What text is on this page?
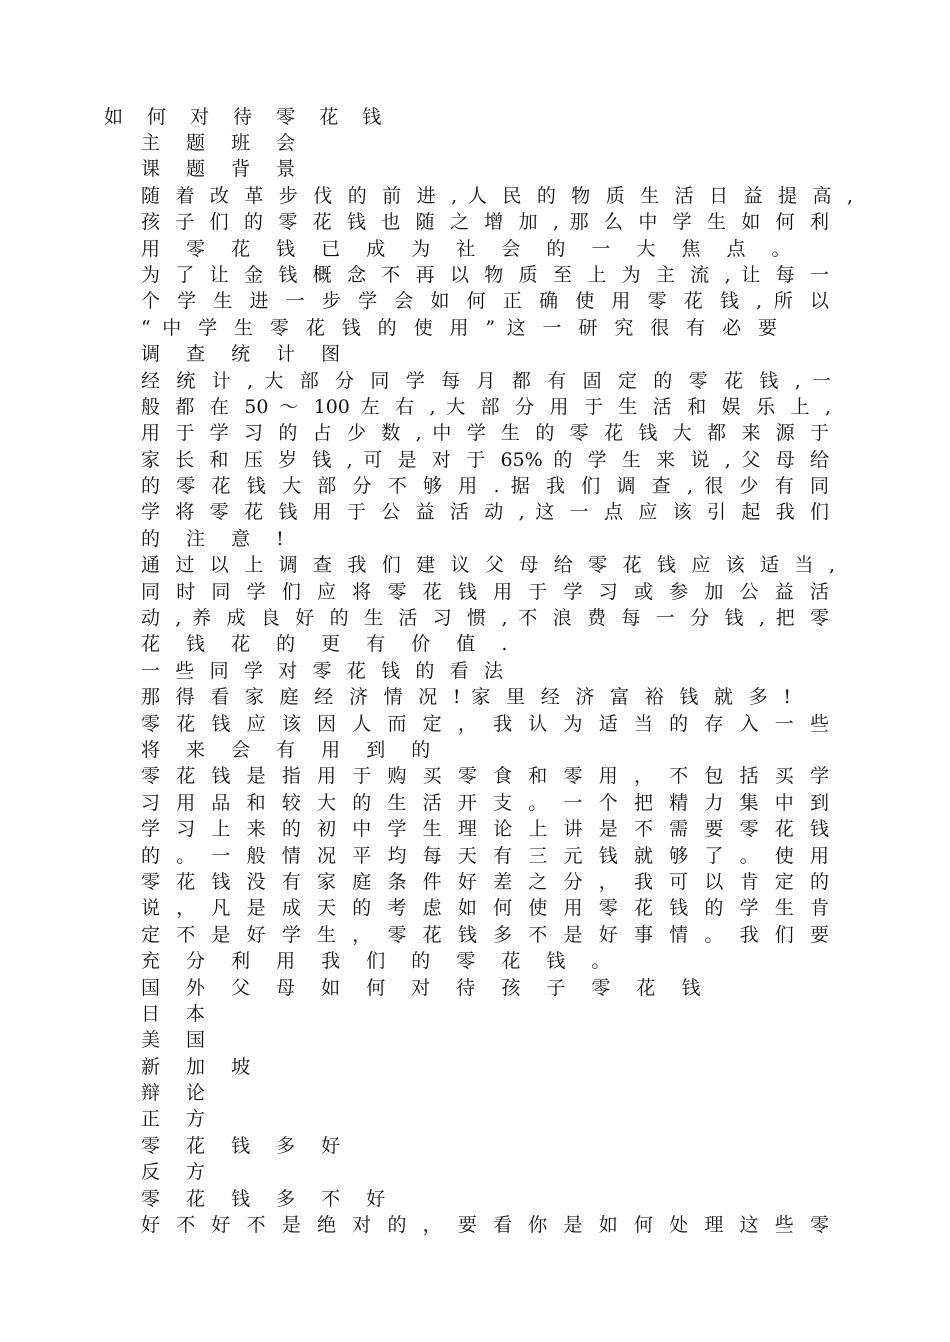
如 何 对 待 零 花 钱
主 题 班 会
课 题 背 景
随 着 改 革 步 伐 的 前 进 , 人 民 的 物 质 生 活 日 益 提 高 ,
孩 子 们 的 零 花 钱 也 随 之 增 加 , 那 么 中 学 生 如 何 利
用 零 花 钱 已 成 为 社 会 的 一 大 焦 点 。
为 了 让 金 钱 概 念 不 再 以 物 质 至 上 为 主 流 , 让 每 一
个 学 生 进 一 步 学 会 如 何 正 确 使 用 零 花 钱 , 所 以
“ 中 学 生 零 花 钱 的 使 用 ” 这 一 研 究 很 有 必 要
调 查 统 计 图
经 统 计 , 大 部 分 同 学 每 月 都 有 固 定 的 零 花 钱 , 一
般 都 在 50 ～ 100 左 右 , 大 部 分 用 于 生 活 和 娱 乐 上 ,
用 于 学 习 的 占 少 数 , 中 学 生 的 零 花 钱 大 都 来 源 于
家 长 和 压 岁 钱 , 可 是 对 于 65% 的 学 生 来 说 , 父 母 给
的 零 花 钱 大 部 分 不 够 用 . 据 我 们 调 查 , 很 少 有 同
学 将 零 花 钱 用 于 公 益 活 动 , 这 一 点 应 该 引 起 我 们
的 注 意 !
通 过 以 上 调 查 我 们 建 议 父 母 给 零 花 钱 应 该 适 当 ,
同 时 同 学 们 应 将 零 花 钱 用 于 学 习 或 参 加 公 益 活
动 , 养 成 良 好 的 生 活 习 惯 , 不 浪 费 每 一 分 钱 , 把 零
花 钱 花 的 更 有 价 值 .
一 些 同 学 对 零 花 钱 的 看 法
那 得 看 家 庭 经 济 情 况 ! 家 里 经 济 富 裕 钱 就 多 !
零 花 钱 应 该 因 人 而 定 ， 我 认 为 适 当 的 存 入 一 些
将 来 会 有 用 到 的
零 花 钱 是 指 用 于 购 买 零 食 和 零 用 ， 不 包 括 买 学
习 用 品 和 较 大 的 生 活 开 支 。 一 个 把 精 力 集 中 到
学 习 上 来 的 初 中 学 生 理 论 上 讲 是 不 需 要 零 花 钱
的 。 一 般 情 况 平 均 每 天 有 三 元 钱 就 够 了 。 使 用
零 花 钱 没 有 家 庭 条 件 好 差 之 分 ， 我 可 以 肯 定 的
说 ， 凡 是 成 天 的 考 虑 如 何 使 用 零 花 钱 的 学 生 肯
定 不 是 好 学 生 ， 零 花 钱 多 不 是 好 事 情 。 我 们 要
充 分 利 用 我 们 的 零 花 钱 。
国 外 父 母 如 何 对 待 孩 子 零 花 钱
日 本
美 国
新 加 坡
辩 论
正 方
零 花 钱 多 好
反 方
零 花 钱 多 不 好
好 不 好 不 是 绝 对 的 ， 要 看 你 是 如 何 处 理 这 些 零
